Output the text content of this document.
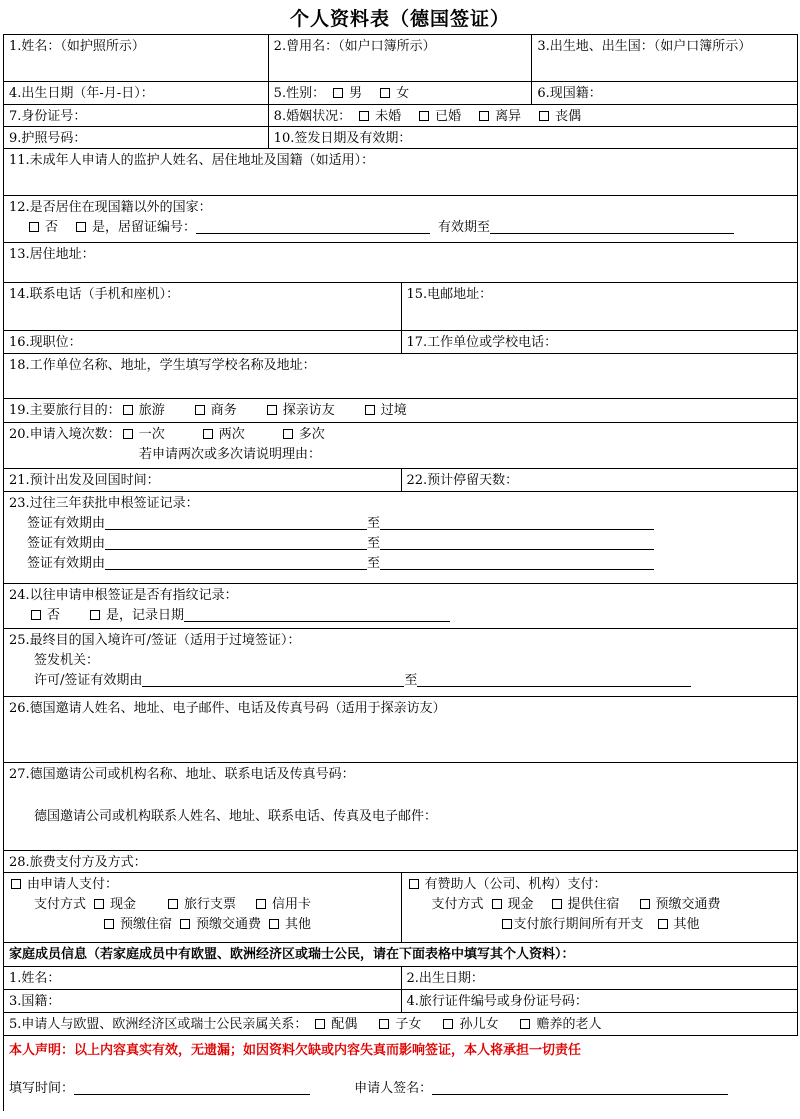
个人资料表（德国签证）
1.姓名：（如护照所示）	2.曾用名：（如户口簿所示）	3.出生地、出生国：（如户口簿所示）
4.出生日期（年-月-日）：	5.性别： 男	女	6.现国籍：
7.身份证号：	8.婚姻状况： 未婚	已婚	离异	丧偶
9.护照号码：	10.签发日期及有效期：
11.未成年人申请人的监护人姓名、居住地址及国籍（如适用）：
12.是否居住在现国籍以外的国家：
否	是，居留证编号：	有效期至
13.居住地址：
14.联系电话（手机和座机）：	15.电邮地址：
16.现职位：	17.工作单位或学校电话：
18.工作单位名称、地址，学生填写学校名称及地址：
19.主要旅行目的： 旅游	商务	探亲访友	过境
20.申请入境次数： 一次	两次	多次
若申请两次或多次请说明理由：
21.预计出发及回国时间：	22.预计停留天数：
23.过往三年获批申根签证记录：
签证有效期由	至
签证有效期由	至
签证有效期由	至
24.以往申请申根签证是否有指纹记录：
否	是，记录日期
25.最终目的国入境许可/签证（适用于过境签证）：
签发机关：
许可/签证有效期由	至
26.德国邀请人姓名、地址、电子邮件、电话及传真号码（适用于探亲访友）
27.德国邀请公司或机构名称、地址、联系电话及传真号码：
德国邀请公司或机构联系人姓名、地址、联系电话、传真及电子邮件：
28.旅费支付方及方式：
由申请人支付：
支付方式 现金	旅行支票	信用卡
预缴住宿 预缴交通费 其他
有赞助人（公司、机构）支付：
支付方式 现金	提供住宿	预缴交通费
支付旅行期间所有开支 其他
家庭成员信息（若家庭成员中有欧盟、欧洲经济区或瑞士公民，请在下面表格中填写其个人资料）：
1.姓名：	2.出生日期：
3.国籍：	4.旅行证件编号或身份证号码：
5.申请人与欧盟、欧洲经济区或瑞士公民亲属关系： 配偶	子女	孙儿女	赡养的老人
本人声明：以上内容真实有效，无遗漏；如因资料欠缺或内容失真而影响签证，本人将承担一切责任
填写时间：	申请人签名：
